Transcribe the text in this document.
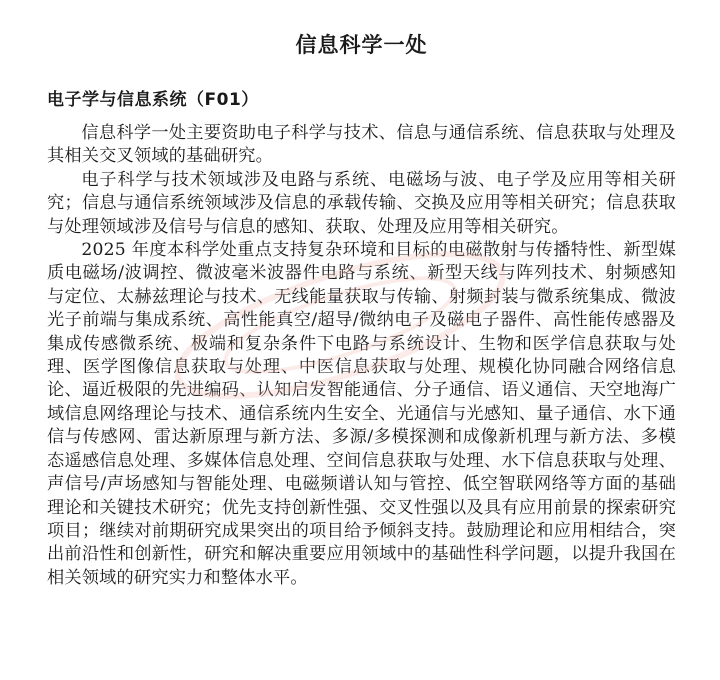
信息科学一处
电子学与信息系统（F01）

信息科学一处主要资助电子科学与技术、信息与通信系统、信息获取与处理及其相关交叉领域的基础研究。

电子科学与技术领域涉及电路与系统、电磁场与波、电子学及应用等相关研究；信息与通信系统领域涉及信息的承载传输、交换及应用等相关研究；信息获取与处理领域涉及信号与信息的感知、获取、处理及应用等相关研究。

2025 年度本科学处重点支持复杂环境和目标的电磁散射与传播特性、新型媒质电磁场/波调控、微波毫米波器件电路与系统、新型天线与阵列技术、射频感知与定位、太赫兹理论与技术、无线能量获取与传输、射频封装与微系统集成、微波光子前端与集成系统、高性能真空/超导/微纳电子及磁电子器件、高性能传感器及集成传感微系统、极端和复杂条件下电路与系统设计、生物和医学信息获取与处理、医学图像信息获取与处理、中医信息获取与处理、规模化协同融合网络信息论、逼近极限的先进编码、认知启发智能通信、分子通信、语义通信、天空地海广域信息网络理论与技术、通信系统内生安全、光通信与光感知、量子通信、水下通信与传感网、雷达新原理与新方法、多源/多模探测和成像新机理与新方法、多模态遥感信息处理、多媒体信息处理、空间信息获取与处理、水下信息获取与处理、声信号/声场感知与智能处理、电磁频谱认知与管控、低空智联网络等方面的基础理论和关键技术研究；优先支持创新性强、交叉性强以及具有应用前景的探索研究项目；继续对前期研究成果突出的项目给予倾斜支持。鼓励理论和应用相结合，突出前沿性和创新性，研究和解决重要应用领域中的基础性科学问题，以提升我国在相关领域的研究实力和整体水平。
